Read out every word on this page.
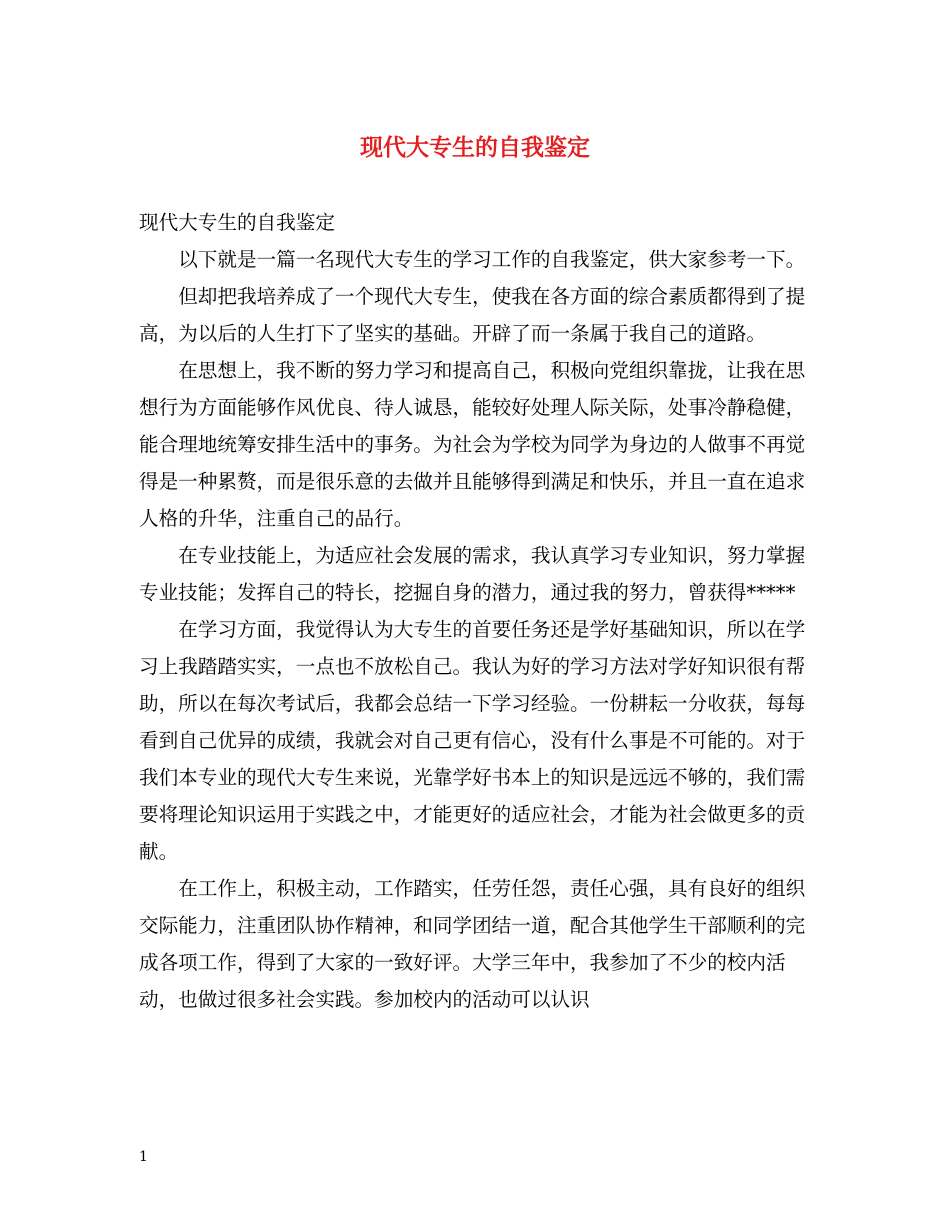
现代大专生的自我鉴定

现代大专生的自我鉴定

以下就是一篇一名现代大专生的学习工作的自我鉴定，供大家参考一下。

但却把我培养成了一个现代大专生，使我在各方面的综合素质都得到了提高，为以后的人生打下了坚实的基础。开辟了而一条属于我自己的道路。

在思想上，我不断的努力学习和提高自己，积极向党组织靠拢，让我在思想行为方面能够作风优良、待人诚恳，能较好处理人际关际，处事冷静稳健，能合理地统筹安排生活中的事务。为社会为学校为同学为身边的人做事不再觉得是一种累赘，而是很乐意的去做并且能够得到满足和快乐，并且一直在追求人格的升华，注重自己的品行。

在专业技能上，为适应社会发展的需求，我认真学习专业知识，努力掌握专业技能；发挥自己的特长，挖掘自身的潜力，通过我的努力，曾获得*****

在学习方面，我觉得认为大专生的首要任务还是学好基础知识，所以在学习上我踏踏实实，一点也不放松自己。我认为好的学习方法对学好知识很有帮助，所以在每次考试后，我都会总结一下学习经验。一份耕耘一分收获，每每看到自己优异的成绩，我就会对自己更有信心，没有什么事是不可能的。对于我们本专业的现代大专生来说，光靠学好书本上的知识是远远不够的，我们需要将理论知识运用于实践之中，才能更好的适应社会，才能为社会做更多的贡献。

在工作上，积极主动，工作踏实，任劳任怨，责任心强，具有良好的组织交际能力，注重团队协作精神，和同学团结一道，配合其他学生干部顺利的完成各项工作，得到了大家的一致好评。大学三年中，我参加了不少的校内活动，也做过很多社会实践。参加校内的活动可以认识

1
